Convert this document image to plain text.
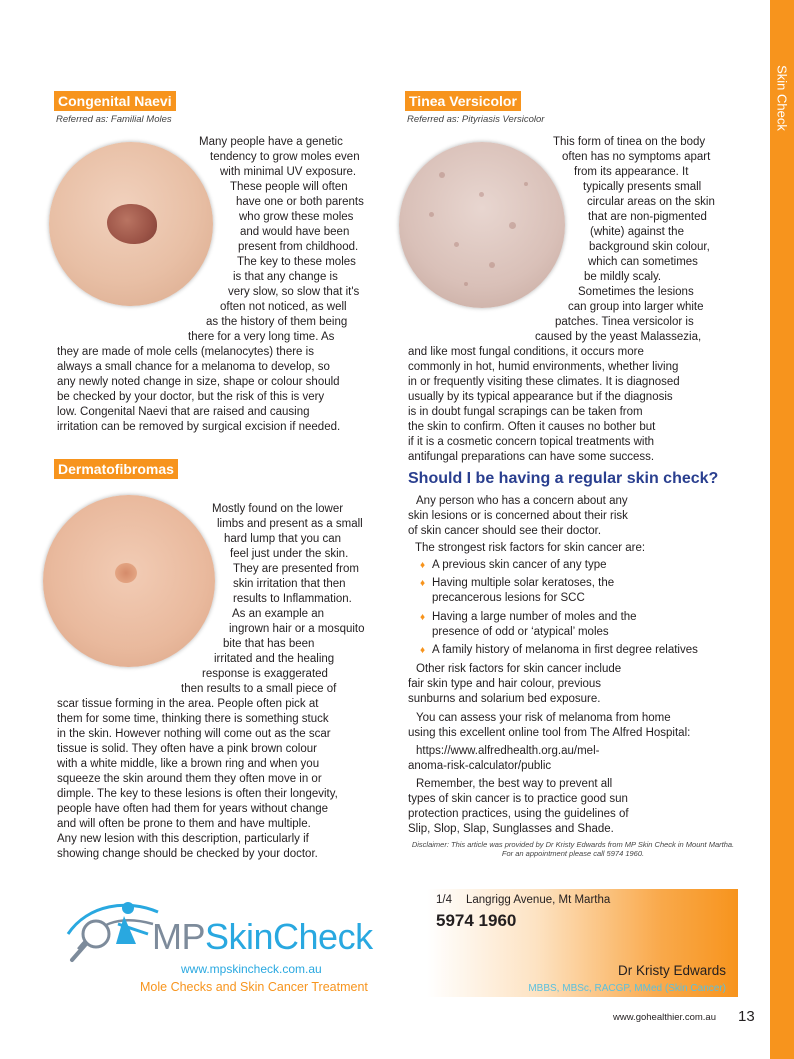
Skin Check
Congenital Naevi
Referred as: Familial Moles
Many people have a genetic
tendency to grow moles even
with minimal UV exposure.
These people will often
have one or both parents
who grow these moles
and would have been
present from childhood.
The key to these moles
is that any change is
very slow, so slow that it's
often not noticed, as well
as the history of them being
there for a very long time. As
they are made of mole cells (melanocytes) there is
always a small chance for a melanoma to develop, so
any newly noted change in size, shape or colour should
be checked by your doctor, but the risk of this is very
low. Congenital Naevi that are raised and causing
irritation can be removed by surgical excision if needed.
Dermatofibromas
Mostly found on the lower
limbs and present as a small
hard lump that you can
feel just under the skin.
They are presented from
skin irritation that then
results to Inflammation.
As an example an
ingrown hair or a mosquito
bite that has been
irritated and the healing
response is exaggerated
then results to a small piece of
scar tissue forming in the area. People often pick at
them for some time, thinking there is something stuck
in the skin. However nothing will come out as the scar
tissue is solid. They often have a pink brown colour
with a white middle, like a brown ring and when you
squeeze the skin around them they often move in or
dimple. The key to these lesions is often their longevity,
people have often had them for years without change
and will often be prone to them and have multiple.
Any new lesion with this description, particularly if
showing change should be checked by your doctor.
Tinea Versicolor
Referred as: Pityriasis Versicolor
This form of tinea on the body
often has no symptoms apart
from its appearance. It
typically presents small
circular areas on the skin
that are non-pigmented
(white) against the
background skin colour,
which can sometimes
be mildly scaly.
Sometimes the lesions
can group into larger white
patches. Tinea versicolor is
caused by the yeast Malassezia,
and like most fungal conditions, it occurs more
commonly in hot, humid environments, whether living
in or frequently visiting these climates. It is diagnosed
usually by its typical appearance but if the diagnosis
is in doubt fungal scrapings can be taken from
the skin to confirm. Often it causes no bother but
if it is a cosmetic concern topical treatments with
antifungal preparations can have some success.
Should I be having a regular skin check?
Any person who has a concern about any
skin lesions or is concerned about their risk
of skin cancer should see their doctor.
The strongest risk factors for skin cancer are:
♦ A previous skin cancer of any type
♦ Having multiple solar keratoses, the
precancerous lesions for SCC
♦ Having a large number of moles and the
presence of odd or ‘atypical’ moles
♦ A family history of melanoma in first degree relatives
Other risk factors for skin cancer include
fair skin type and hair colour, previous
sunburns and solarium bed exposure.
You can assess your risk of melanoma from home
using this excellent online tool from The Alfred Hospital:
https://www.alfredhealth.org.au/mel-
anoma-risk-calculator/public
Remember, the best way to prevent all
types of skin cancer is to practice good sun
protection practices, using the guidelines of
Slip, Slop, Slap, Sunglasses and Shade.
Disclaimer: This article was provided by Dr Kristy Edwards from MP Skin Check in Mount Martha. For an appointment please call 5974 1960.
1/4 Langrigg Avenue, Mt Martha
5974 1960
Dr Kristy Edwards
MBBS, MBSc, RACGP, MMed (Skin Cancer)
MPSkinCheck
www.mpskincheck.com.au
Mole Checks and Skin Cancer Treatment
www.gohealthier.com.au 13
